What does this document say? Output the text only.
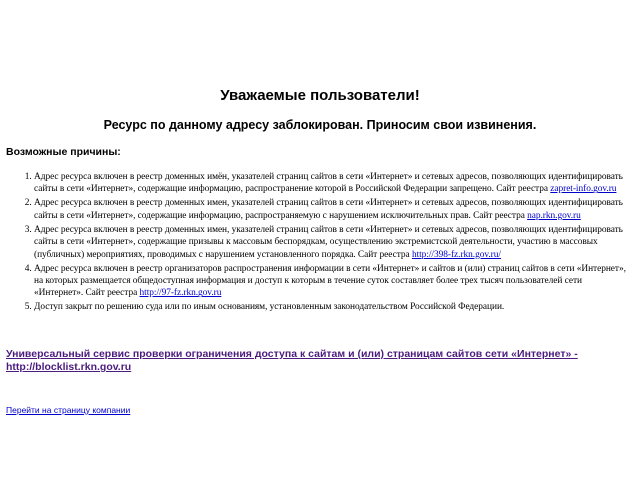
Уважаемые пользователи!
Ресурс по данному адресу заблокирован. Приносим свои извинения.

Возможные причины:

1. Адрес ресурса включен в реестр доменных имён, указателей страниц сайтов в сети «Интернет» и сетевых адресов, позволяющих идентифицировать сайты в сети «Интернет», содержащие информацию, распространение которой в Российской Федерации запрещено. Сайт реестра zapret-info.gov.ru
2. Адрес ресурса включен в реестр доменных имен, указателей страниц сайтов в сети «Интернет» и сетевых адресов, позволяющих идентифицировать сайты в сети «Интернет», содержащие информацию, распространяемую с нарушением исключительных прав. Сайт реестра nap.rkn.gov.ru
3. Адрес ресурса включен в реестр доменных имен, указателей страниц сайтов в сети «Интернет» и сетевых адресов, позволяющих идентифицировать сайты в сети «Интернет», содержащие призывы к массовым беспорядкам, осуществлению экстремистской деятельности, участию в массовых (публичных) мероприятиях, проводимых с нарушением установленного порядка. Сайт реестра http://398-fz.rkn.gov.ru/
4. Адрес ресурса включен в реестр организаторов распространения информации в сети «Интернет» и сайтов и (или) страниц сайтов в сети «Интернет», на которых размещается общедоступная информация и доступ к которым в течение суток составляет более трех тысяч пользователей сети «Интернет». Сайт реестра http://97-fz.rkn.gov.ru
5. Доступ закрыт по решению суда или по иным основаниям, установленным законодательством Российской Федерации.
Универсальный сервис проверки ограничения доступа к сайтам и (или) страницам сайтов сети «Интернет» - http://blocklist.rkn.gov.ru
Перейти на страницу компании
